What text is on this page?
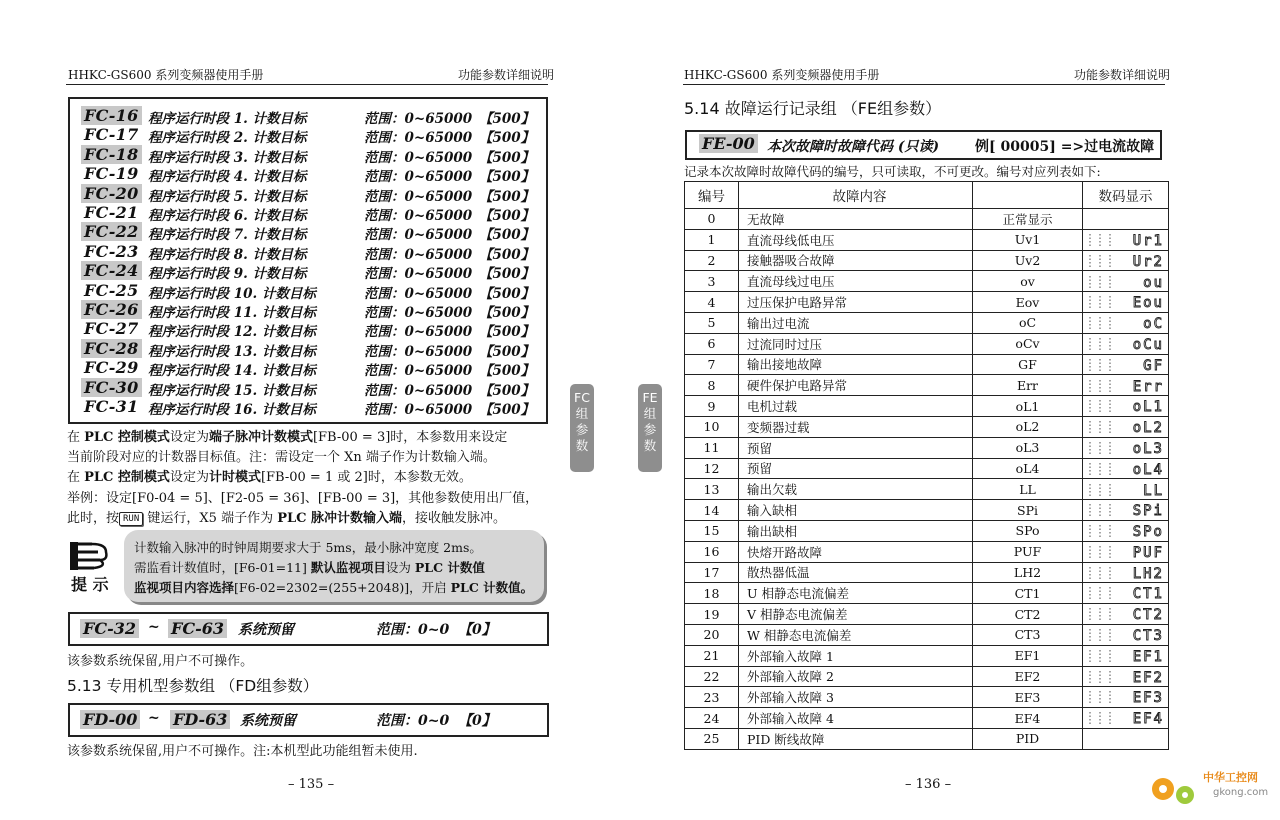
HHKC-GS600 系列变频器使用手册	功能参数详细说明
FC-16 程序运行时段 1. 计数目标	范围：0~65000 【500】
FC-17 程序运行时段 2. 计数目标	范围：0~65000 【500】
FC-18 程序运行时段 3. 计数目标	范围：0~65000 【500】
FC-19 程序运行时段 4. 计数目标	范围：0~65000 【500】
FC-20 程序运行时段 5. 计数目标	范围：0~65000 【500】
FC-21 程序运行时段 6. 计数目标	范围：0~65000 【500】
FC-22 程序运行时段 7. 计数目标	范围：0~65000 【500】
FC-23 程序运行时段 8. 计数目标	范围：0~65000 【500】
FC-24 程序运行时段 9. 计数目标	范围：0~65000 【500】
FC-25 程序运行时段 10. 计数目标	范围：0~65000 【500】
FC-26 程序运行时段 11. 计数目标	范围：0~65000 【500】
FC-27 程序运行时段 12. 计数目标	范围：0~65000 【500】
FC-28 程序运行时段 13. 计数目标	范围：0~65000 【500】
FC-29 程序运行时段 14. 计数目标	范围：0~65000 【500】
FC-30 程序运行时段 15. 计数目标	范围：0~65000 【500】
FC-31 程序运行时段 16. 计数目标	范围：0~65000 【500】
在 PLC 控制模式设定为端子脉冲计数模式[FB-00 = 3]时，本参数用来设定
当前阶段对应的计数器目标值。注：需设定一个 Xn 端子作为计数输入端。
在 PLC 控制模式设定为计时模式[FB-00 = 1 或 2]时，本参数无效。
举例：设定[F0-04 = 5]、[F2-05 = 36]、[FB-00 = 3]，其他参数使用出厂值，
此时，按 RUN 键运行，X5 端子作为 PLC 脉冲计数输入端，接收触发脉冲。
提 示
计数输入脉冲的时钟周期要求大于 5ms，最小脉冲宽度 2ms。
需监看计数值时，[F6-01=11] 默认监视项目设为 PLC 计数值
监视项目内容选择[F6-02=2302=(255+2048)]，开启 PLC 计数值。
FC-32 ~ FC-63 系统预留	范围：0~0 【0】
该参数系统保留,用户不可操作。
5.13 专用机型参数组 （FD组参数）
FD-00 ~ FD-63 系统预留	范围：0~0 【0】
该参数系统保留,用户不可操作。注:本机型此功能组暂未使用.
– 135 –
FC
组
参
数
FE
组
参
数
HHKC-GS600 系列变频器使用手册	功能参数详细说明
5.14 故障运行记录组 （FE组参数）
FE-00 本次故障时故障代码 (只读)	例[ 00005] =>过电流故障
记录本次故障时故障代码的编号，只可读取，不可更改。编号对应列表如下:
编号	故障内容		数码显示
0	无故障	正常显示	
1	直流母线低电压	Uv1	Ur1

2	接触器吸合故障	Uv2	Ur2

3	直流母线过电压	ov	ou

4	过压保护电路异常	Eov	Eou

5	输出过电流	oC	oC

6	过流同时过压	oCv	oCu

7	输出接地故障	GF	GF

8	硬件保护电路异常	Err	Err

9	电机过载	oL1	oL1

10	变频器过载	oL2	oL2

11	预留	oL3	oL3

12	预留	oL4	oL4

13	输出欠载	LL	LL

14	输入缺相	SPi	SPi

15	输出缺相	SPo	SPo

16	快熔开路故障	PUF	PUF

17	散热器低温	LH2	LH2

18	U 相静态电流偏差	CT1	CT1

19	V 相静态电流偏差	CT2	CT2

20	W 相静态电流偏差	CT3	CT3

21	外部输入故障 1	EF1	EF1

22	外部输入故障 2	EF2	EF2

23	外部输入故障 3	EF3	EF3

24	外部输入故障 4	EF4	EF4

25	PID 断线故障	PID	
– 136 –	中华工控网
gkong.com
